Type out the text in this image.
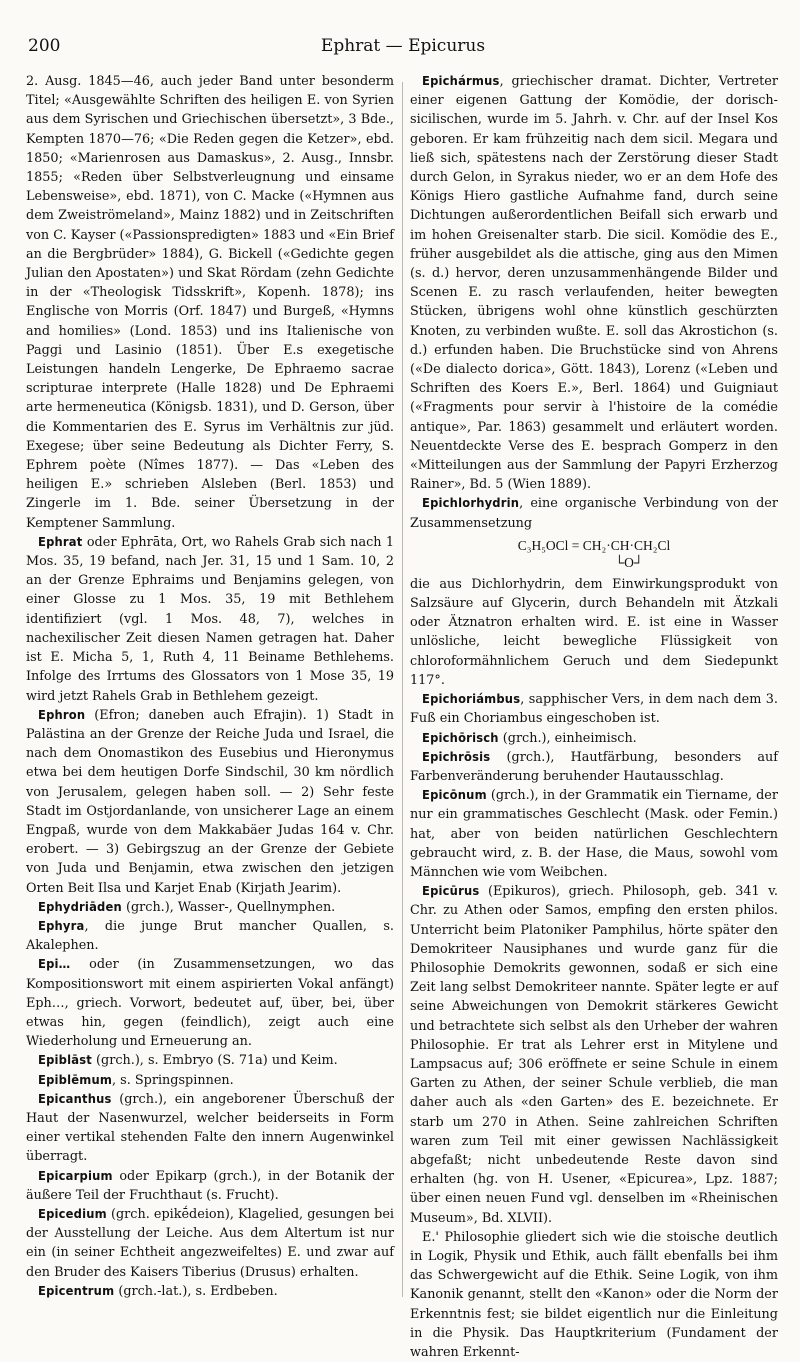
200	Ephrat — Epicurus

2. Ausg. 1845—46, auch jeder Band unter besonderm Titel; «Ausgewählte Schriften des heiligen E. von Syrien aus dem Syrischen und Griechischen übersetzt», 3 Bde., Kempten 1870—76; «Die Reden gegen die Ketzer», ebd. 1850; «Marienrosen aus Damaskus», 2. Ausg., Innsbr. 1855; «Reden über Selbstverleugnung und einsame Lebensweise», ebd. 1871), von C. Macke («Hymnen aus dem Zweiströmeland», Mainz 1882) und in Zeitschriften von C. Kayser («Passionspredigten» 1883 und «Ein Brief an die Bergbrüder» 1884), G. Bickell («Gedichte gegen Julian den Apostaten») und Skat Rördam (zehn Gedichte in der «Theologisk Tidsskrift», Kopenh. 1878); ins Englische von Morris (Orf. 1847) und Burgeß, «Hymns and homilies» (Lond. 1853) und ins Italienische von Paggi und Lasinio (1851). Über E.s exegetische Leistungen handeln Lengerke, De Ephraemo sacrae scripturae interprete (Halle 1828) und De Ephraemi arte hermeneutica (Königsb. 1831), und D. Gerson, über die Kommentarien des E. Syrus im Verhältnis zur jüd. Exegese; über seine Bedeutung als Dichter Ferry, S. Ephrem poète (Nîmes 1877). — Das «Leben des heiligen E.» schrieben Alsleben (Berl. 1853) und Zingerle im 1. Bde. seiner Übersetzung in der Kemptener Sammlung.

Ephrat oder Ephrāta, Ort, wo Rahels Grab sich nach 1 Mos. 35, 19 befand, nach Jer. 31, 15 und 1 Sam. 10, 2 an der Grenze Ephraims und Benjamins gelegen, von einer Glosse zu 1 Mos. 35, 19 mit Bethlehem identifiziert (vgl. 1 Mos. 48, 7), welches in nachexilischer Zeit diesen Namen getragen hat. Daher ist E. Micha 5, 1, Ruth 4, 11 Beiname Bethlehems. Infolge des Irrtums des Glossators von 1 Mose 35, 19 wird jetzt Rahels Grab in Bethlehem gezeigt.

Ephron (Efron; daneben auch Efrajin). 1) Stadt in Palästina an der Grenze der Reiche Juda und Israel, die nach dem Onomastikon des Eusebius und Hieronymus etwa bei dem heutigen Dorfe Sindschil, 30 km nördlich von Jerusalem, gelegen haben soll. — 2) Sehr feste Stadt im Ostjordanlande, von unsicherer Lage an einem Engpaß, wurde von dem Makkabäer Judas 164 v. Chr. erobert. — 3) Gebirgszug an der Grenze der Gebiete von Juda und Benjamin, etwa zwischen den jetzigen Orten Beit Ilsa und Karjet Enab (Kirjath Jearim).

Ephydriāden (grch.), Wasser-, Quellnymphen.

Ephyra, die junge Brut mancher Quallen, s. Akalephen.

Epi… oder (in Zusammensetzungen, wo das Kompositionswort mit einem aspirierten Vokal anfängt) Eph…, griech. Vorwort, bedeutet auf, über, bei, über etwas hin, gegen (feindlich), zeigt auch eine Wiederholung und Erneuerung an.

Epiblāst (grch.), s. Embryo (S. 71a) und Keim.

Epiblēmum, s. Springspinnen.

Epicanthus (grch.), ein angeborener Überschuß der Haut der Nasenwurzel, welcher beiderseits in Form einer vertikal stehenden Falte den innern Augenwinkel überragt.

Epicarpium oder Epikarp (grch.), in der Botanik der äußere Teil der Fruchthaut (s. Frucht).

Epicedium (grch. epikḗdeion), Klagelied, gesungen bei der Ausstellung der Leiche. Aus dem Altertum ist nur ein (in seiner Echtheit angezweifeltes) E. und zwar auf den Bruder des Kaisers Tiberius (Drusus) erhalten.

Epicentrum (grch.-lat.), s. Erdbeben.

Epichármus, griechischer dramat. Dichter, Vertreter einer eigenen Gattung der Komödie, der dorisch-sicilischen, wurde im 5. Jahrh. v. Chr. auf der Insel Kos geboren. Er kam frühzeitig nach dem sicil. Megara und ließ sich, spätestens nach der Zerstörung dieser Stadt durch Gelon, in Syrakus nieder, wo er an dem Hofe des Königs Hiero gastliche Aufnahme fand, durch seine Dichtungen außerordentlichen Beifall sich erwarb und im hohen Greisenalter starb. Die sicil. Komödie des E., früher ausgebildet als die attische, ging aus den Mimen (s. d.) hervor, deren unzusammenhängende Bilder und Scenen E. zu rasch verlaufenden, heiter bewegten Stücken, übrigens wohl ohne künstlich geschürzten Knoten, zu verbinden wußte. E. soll das Akrostichon (s. d.) erfunden haben. Die Bruchstücke sind von Ahrens («De dialecto dorica», Gött. 1843), Lorenz («Leben und Schriften des Koers E.», Berl. 1864) und Guigniaut («Fragments pour servir à l'histoire de la comédie antique», Par. 1863) gesammelt und erläutert worden. Neuentdeckte Verse des E. besprach Gomperz in den «Mitteilungen aus der Sammlung der Papyri Erzherzog Rainer», Bd. 5 (Wien 1889).

Epichlorhydrin, eine organische Verbindung von der Zusammensetzung

C₃H₅OCl = CH₂·CH·CH₂Cl
└O┘

die aus Dichlorhydrin, dem Einwirkungsprodukt von Salzsäure auf Glycerin, durch Behandeln mit Ätzkali oder Ätznatron erhalten wird. E. ist eine in Wasser unlösliche, leicht bewegliche Flüssigkeit von chloroformähnlichem Geruch und dem Siedepunkt 117°.

Epichoriámbus, sapphischer Vers, in dem nach dem 3. Fuß ein Choriambus eingeschoben ist.

Epichōrisch (grch.), einheimisch.

Epichrōsis (grch.), Hautfärbung, besonders auf Farbenveränderung beruhender Hautausschlag.

Epicōnum (grch.), in der Grammatik ein Tiername, der nur ein grammatisches Geschlecht (Mask. oder Femin.) hat, aber von beiden natürlichen Geschlechtern gebraucht wird, z. B. der Hase, die Maus, sowohl vom Männchen wie vom Weibchen.

Epicūrus (Epikuros), griech. Philosoph, geb. 341 v. Chr. zu Athen oder Samos, empfing den ersten philos. Unterricht beim Platoniker Pamphilus, hörte später den Demokriteer Nausiphanes und wurde ganz für die Philosophie Demokrits gewonnen, sodaß er sich eine Zeit lang selbst Demokriteer nannte. Später legte er auf seine Abweichungen von Demokrit stärkeres Gewicht und betrachtete sich selbst als den Urheber der wahren Philosophie. Er trat als Lehrer erst in Mitylene und Lampsacus auf; 306 eröffnete er seine Schule in einem Garten zu Athen, der seiner Schule verblieb, die man daher auch als «den Garten» des E. bezeichnete. Er starb um 270 in Athen. Seine zahlreichen Schriften waren zum Teil mit einer gewissen Nachlässigkeit abgefaßt; nicht unbedeutende Reste davon sind erhalten (hg. von H. Usener, «Epicurea», Lpz. 1887; über einen neuen Fund vgl. denselben im «Rheinischen Museum», Bd. XLVII).

E.' Philosophie gliedert sich wie die stoische deutlich in Logik, Physik und Ethik, auch fällt ebenfalls bei ihm das Schwergewicht auf die Ethik. Seine Logik, von ihm Kanonik genannt, stellt den «Kanon» oder die Norm der Erkenntnis fest; sie bildet eigentlich nur die Einleitung in die Physik. Das Hauptkriterium (Fundament der wahren Erkennt-
